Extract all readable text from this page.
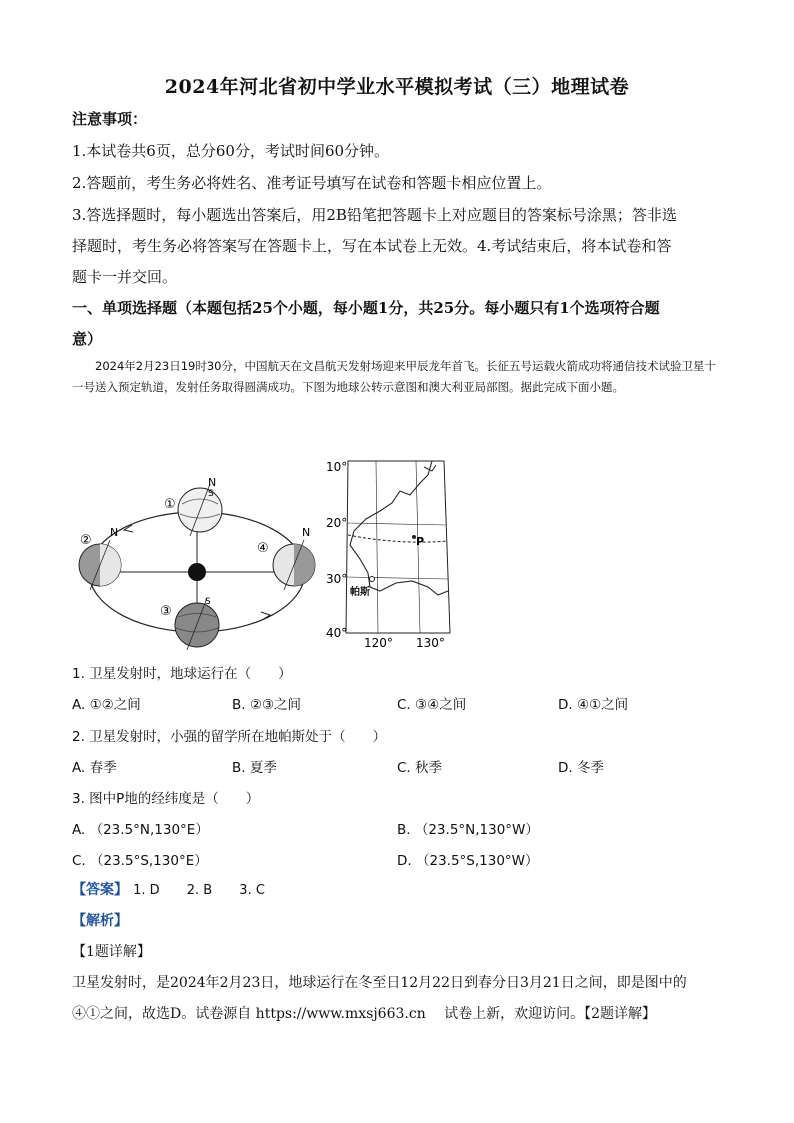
2024年河北省初中学业水平模拟考试（三）地理试卷
注意事项：
1.本试卷共6页，总分60分，考试时间60分钟。
2.答题前，考生务必将姓名、准考证号填写在试卷和答题卡相应位置上。
3.答选择题时，每小题选出答案后，用2B铅笔把答题卡上对应题目的答案标号涂黑；答非选
择题时，考生务必将答案写在答题卡上，写在本试卷上无效。4.考试结束后，将本试卷和答
题卡一并交回。
一、单项选择题（本题包括25个小题，每小题1分，共25分。每小题只有1个选项符合题
意）
2024年2月23日19时30分，中国航天在文昌航天发射场迎来甲辰龙年首飞。长征五号运载火箭成功将通信技术试验卫星十一号送入预定轨道，发射任务取得圆满成功。下图为地球公转示意图和澳大利亚局部图。据此完成下面小题。
①
②
③
④
N
N	N
S
S
10°
20°
30°
40°
120° 130°
P
帕斯
1. 卫星发射时，地球运行在（　　）
A. ①②之间	B. ②③之间	C. ③④之间	D. ④①之间
2. 卫星发射时，小强的留学所在地帕斯处于（　　）
A. 春季	B. 夏季	C. 秋季	D. 冬季
3. 图中P地的经纬度是（　　）
A. （23.5°N,130°E）	B. （23.5°N,130°W）
C. （23.5°S,130°E）	D. （23.5°S,130°W）
【答案】 1. D 2. B 3. C
【解析】
【1题详解】
卫星发射时，是2024年2月23日，地球运行在冬至日12月22日到春分日3月21日之间，即是图中的
④①之间，故选D。试卷源自 https://www.mxsj663.cn　 试卷上新，欢迎访问。【2题详解】
